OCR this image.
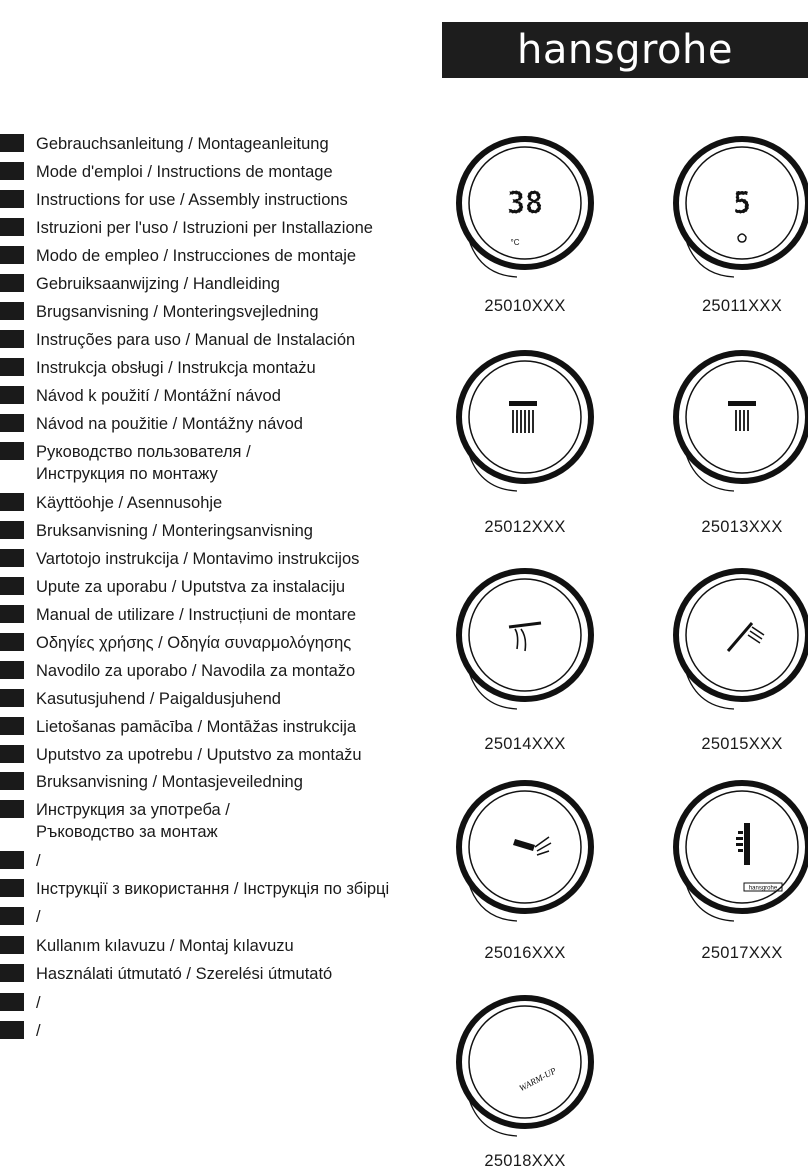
hansgrohe
Gebrauchsanleitung / Montageanleitung
Mode d'emploi / Instructions de montage
Instructions for use / Assembly instructions
Istruzioni per l'uso / Istruzioni per Installazione
Modo de empleo / Instrucciones de montaje
Gebruiksaanwijzing / Handleiding
Brugsanvisning / Monteringsvejledning
Instruções para uso / Manual de Instalación
Instrukcja obsługi / Instrukcja montażu
Návod k použití / Montážní návod
Návod na použitie / Montážny návod
Руководство пользователя /
Инструкция по монтажу
Käyttöohje / Asennusohje
Bruksanvisning / Monteringsanvisning
Vartotojo instrukcija / Montavimo instrukcijos
Upute za uporabu / Uputstva za instalaciju
Manual de utilizare / Instrucțiuni de montare
Οδηγίες χρήσης / Οδηγία συναρμολόγησης
Navodilo za uporabo / Navodila za montažo
Kasutusjuhend / Paigaldusjuhend
Lietošanas pamācība / Montāžas instrukcija
Uputstvo za upotrebu / Uputstvo za montažu
Bruksanvisning / Montasjeveiledning
Инструкция за употреба /
Ръководство за монтаж
/
Інструкції з використання / Інструкція по збірці
/
Kullanım kılavuzu / Montaj kılavuzu
Használati útmutató / Szerelési útmutató
/
/
38
°C
25010XXX
5
25011XXX
25012XXX	25013XXX
25014XXX	25015XXX
25016XXX
hansgrohe
25017XXX
WARM-UP
25018XXX
